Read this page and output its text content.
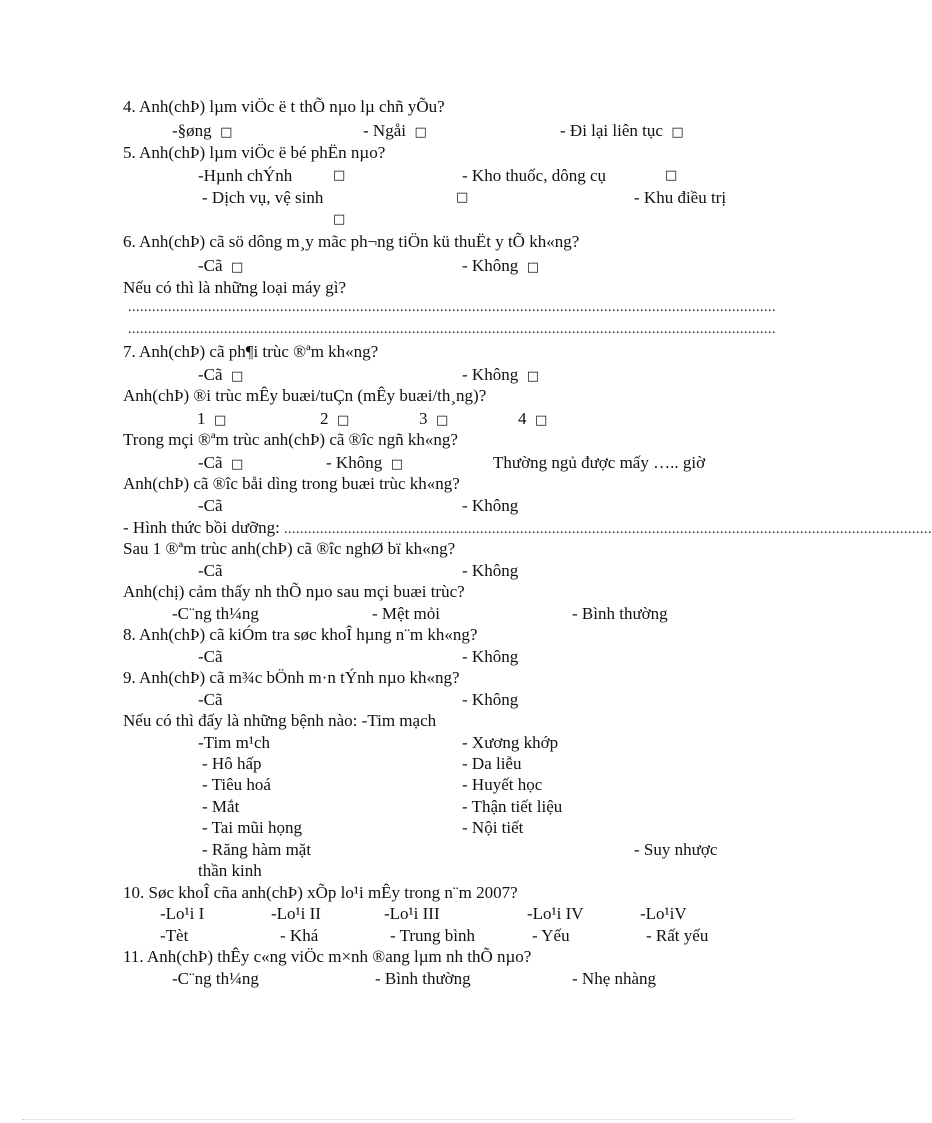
4. Anh(chÞ) lµm viÖc ë t thÕ nµo lµ chñ yÕu?
-§øng □	- Ngåi □	- Đi lại liên tục □
5. Anh(chÞ) lµm viÖc ë bé phËn nµo?
-Hµnh chÝnh	□	- Kho thuốc, dông cụ	□
- Dịch vụ, vệ sinh	□	- Khu điều trị
□
6. Anh(chÞ) cã sö dông m¸y mãc ph¬ng tiÖn kü thuËt y tÕ kh«ng?
-Cã □	- Không □
Nếu có thì là những loại máy gì?
..................................................................................................................................................................
..................................................................................................................................................................
7. Anh(chÞ) cã ph¶i trùc ®ªm kh«ng?
-Cã □	- Không □
Anh(chÞ) ®i trùc mÊy buæi/tuÇn (mÊy buæi/th¸ng)?
1 □	2 □	3 □	4 □
Trong mçi ®ªm trùc anh(chÞ) cã ®îc ngñ kh«ng?
-Cã □	- Không □	Thường ngủ được mấy ….. giờ
Anh(chÞ) cã ®îc båi dìng trong buæi trùc kh«ng?
-Cã	- Không
- Hình thức bồi dưỡng: ..................................................................................................................................................................
Sau 1 ®ªm trùc anh(chÞ) cã ®îc nghØ bï kh«ng?
-Cã	- Không
Anh(chị) cảm thấy nh thÕ nµo sau mçi buæi trùc?
-C¨ng th¼ng	- Mệt mỏi	- Bình thường
8. Anh(chÞ) cã kiÓm tra søc khoÎ hµng n¨m kh«ng?
-Cã	- Không
9. Anh(chÞ) cã m¾c bÖnh m·n tÝnh nµo kh«ng?
-Cã	- Không
Nếu có thì đấy là những bệnh nào: -Tim mạch
-Tim m¹ch	- Xương khớp
- Hô hấp	- Da liễu
- Tiêu hoá	- Huyết học
- Mắt	- Thận tiết liệu
- Tai mũi họng	- Nội tiết
- Răng hàm mặt	- Suy nhược
thần kinh
10. Søc khoÎ cña anh(chÞ) xÕp lo¹i mÊy trong n¨m 2007?
-Lo¹i I	-Lo¹i II	-Lo¹i III	-Lo¹i IV	-Lo¹iV
-Tèt	- Khá	- Trung bình	- Yếu	- Rất yếu
11. Anh(chÞ) thÊy c«ng viÖc m×nh ®ang lµm nh thÕ nµo?
-C¨ng th¼ng	- Bình thường	- Nhẹ nhàng
